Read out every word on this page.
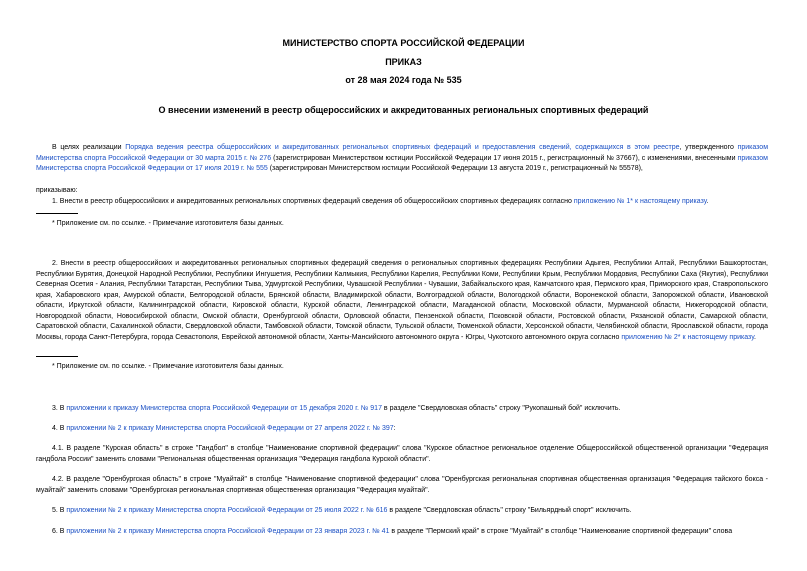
МИНИСТЕРСТВО СПОРТА РОССИЙСКОЙ ФЕДЕРАЦИИ
ПРИКАЗ
от 28 мая 2024 года № 535
О внесении изменений в реестр общероссийских и аккредитованных региональных спортивных федераций
В целях реализации Порядка ведения реестра общероссийских и аккредитованных региональных спортивных федераций и предоставления сведений, содержащихся в этом реестре, утвержденного приказом Министерства спорта Российской Федерации от 30 марта 2015 г. № 276 (зарегистрирован Министерством юстиции Российской Федерации 17 июня 2015 г., регистрационный № 37667), с изменениями, внесенными приказом Министерства спорта Российской Федерации от 17 июля 2019 г. № 555 (зарегистрирован Министерством юстиции Российской Федерации 13 августа 2019 г., регистрационный № 55578),
приказываю:
1. Внести в реестр общероссийских и аккредитованных региональных спортивных федераций сведения об общероссийских спортивных федерациях согласно приложению № 1* к настоящему приказу.
* Приложение см. по ссылке. - Примечание изготовителя базы данных.
2. Внести в реестр общероссийских и аккредитованных региональных спортивных федераций сведения о региональных спортивных федерациях Республики Адыгея, Республики Алтай, Республики Башкортостан, Республики Бурятия, Донецкой Народной Республики, Республики Ингушетия, Республики Калмыкия, Республики Карелия, Республики Коми, Республики Крым, Республики Мордовия, Республики Саха (Якутия), Республики Северная Осетия - Алания, Республики Татарстан, Республики Тыва, Удмуртской Республики, Чувашской Республики - Чувашии, Забайкальского края, Камчатского края, Пермского края, Приморского края, Ставропольского края, Хабаровского края, Амурской области, Белгородской области, Брянской области, Владимирской области, Волгоградской области, Вологодской области, Воронежской области, Запорожской области, Ивановской области, Иркутской области, Калининградской области, Кировской области, Курской области, Ленинградской области, Магаданской области, Московской области, Мурманской области, Нижегородской области, Новгородской области, Новосибирской области, Омской области, Оренбургской области, Орловской области, Пензенской области, Псковской области, Ростовской области, Рязанской области, Самарской области, Саратовской области, Сахалинской области, Свердловской области, Тамбовской области, Томской области, Тульской области, Тюменской области, Херсонской области, Челябинской области, Ярославской области, города Москвы, города Санкт-Петербурга, города Севастополя, Еврейской автономной области, Ханты-Мансийского автономного округа - Югры, Чукотского автономного округа согласно приложению № 2* к настоящему приказу.
* Приложение см. по ссылке. - Примечание изготовителя базы данных.
3. В приложении к приказу Министерства спорта Российской Федерации от 15 декабря 2020 г. № 917 в разделе "Свердловская область" строку "Рукопашный бой" исключить.
4. В приложении № 2 к приказу Министерства спорта Российской Федерации от 27 апреля 2022 г. № 397:
4.1. В разделе "Курская область" в строке "Гандбол" в столбце "Наименование спортивной федерации" слова "Курское областное региональное отделение Общероссийской общественной организации "Федерация гандбола России" заменить словами "Региональная общественная организация "Федерация гандбола Курской области".
4.2. В разделе "Оренбургская область" в строке "Муайтай" в столбце "Наименование спортивной федерации" слова "Оренбургская региональная спортивная общественная организация "Федерация тайского бокса - муайтай" заменить словами "Оренбургская региональная спортивная общественная организация "Федерация муайтай".
5. В приложении № 2 к приказу Министерства спорта Российской Федерации от 25 июля 2022 г. № 616 в разделе "Свердловская область" строку "Бильярдный спорт" исключить.
6. В приложении № 2 к приказу Министерства спорта Российской Федерации от 23 января 2023 г. № 41 в разделе "Пермский край" в строке "Муайтай" в столбце "Наименование спортивной федерации" слова
